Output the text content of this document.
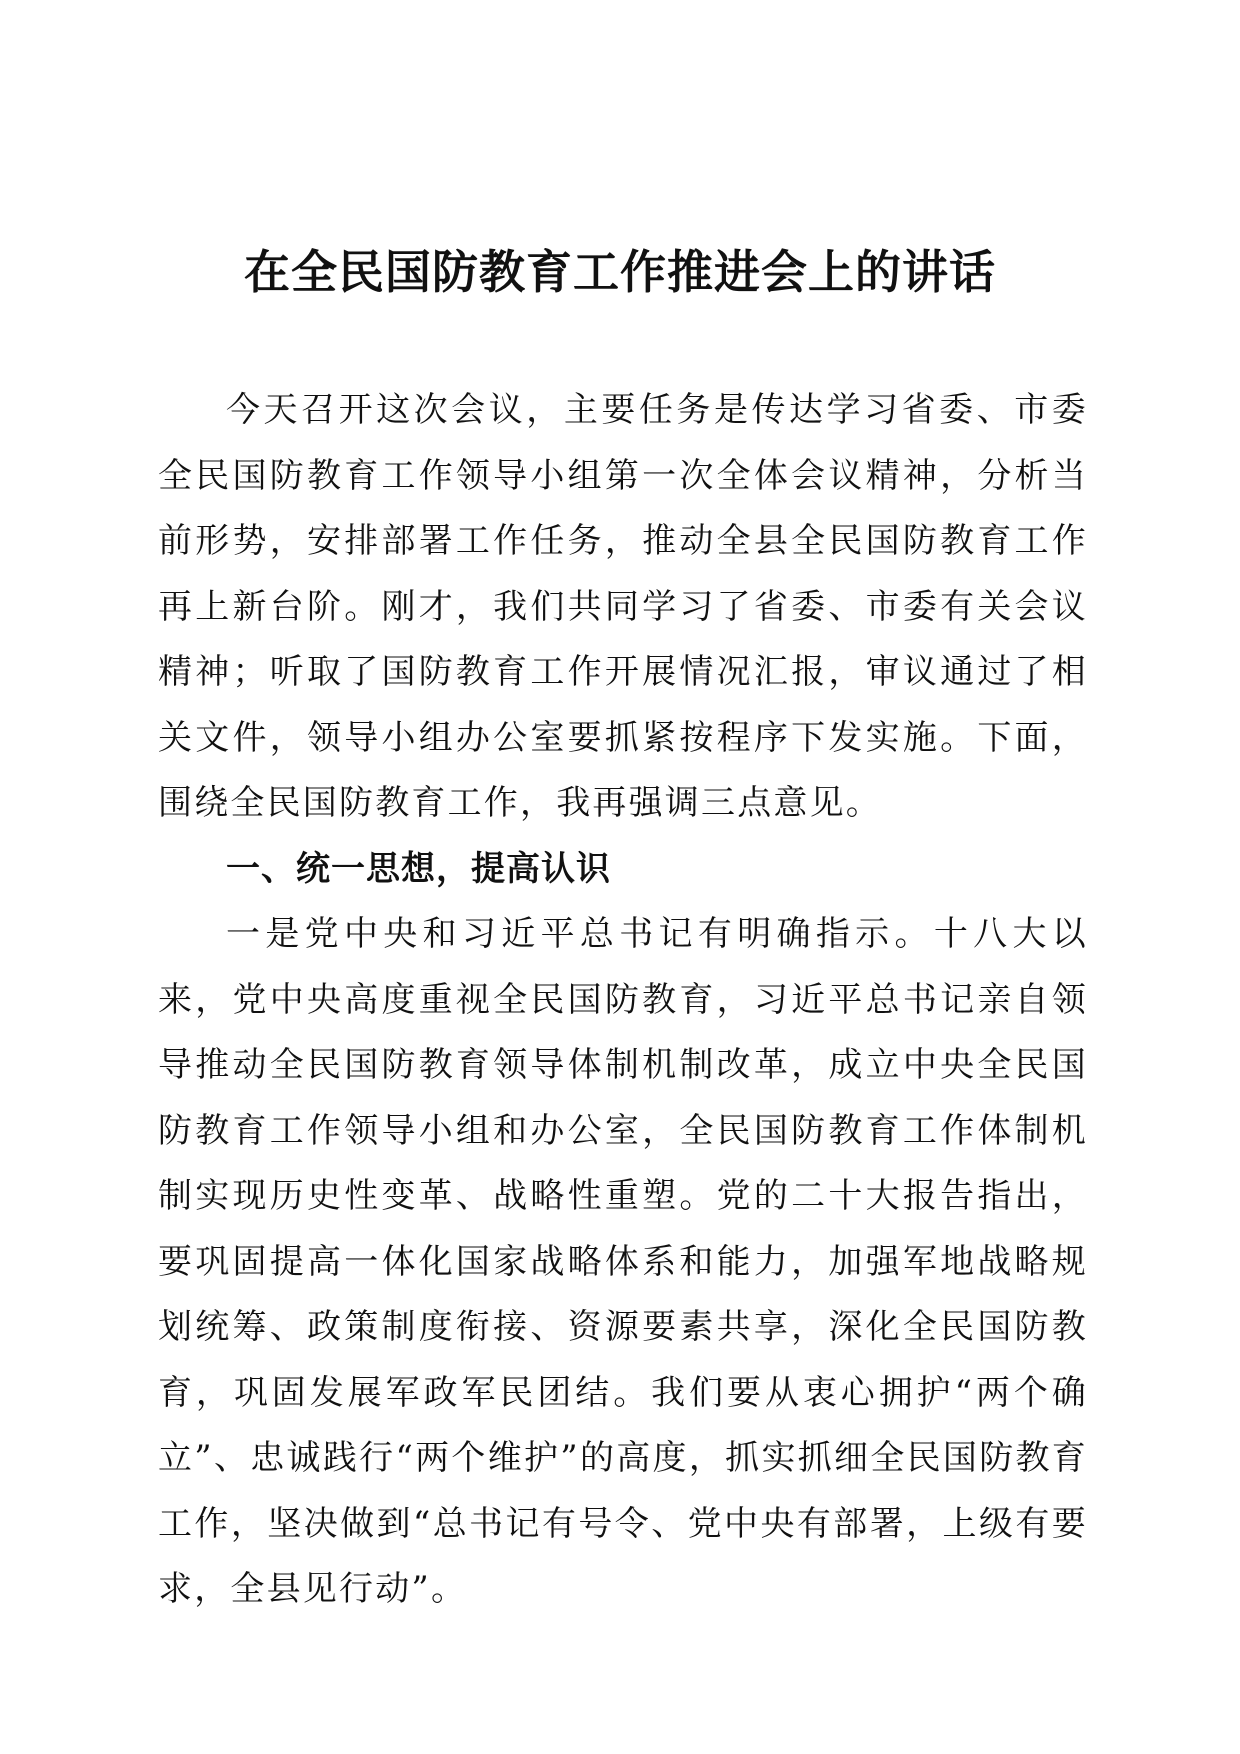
在全民国防教育工作推进会上的讲话

今天召开这次会议，主要任务是传达学习省委、市委全民国防教育工作领导小组第一次全体会议精神，分析当前形势，安排部署工作任务，推动全县全民国防教育工作再上新台阶。刚才，我们共同学习了省委、市委有关会议精神；听取了国防教育工作开展情况汇报，审议通过了相关文件，领导小组办公室要抓紧按程序下发实施。下面，围绕全民国防教育工作，我再强调三点意见。

一、统一思想，提高认识

一是党中央和习近平总书记有明确指示。十八大以来，党中央高度重视全民国防教育，习近平总书记亲自领导推动全民国防教育领导体制机制改革，成立中央全民国防教育工作领导小组和办公室，全民国防教育工作体制机制实现历史性变革、战略性重塑。党的二十大报告指出，要巩固提高一体化国家战略体系和能力，加强军地战略规划统筹、政策制度衔接、资源要素共享，深化全民国防教育，巩固发展军政军民团结。我们要从衷心拥护“两个确立”、忠诚践行“两个维护”的高度，抓实抓细全民国防教育工作，坚决做到“总书记有号令、党中央有部署，上级有要求，全县见行动”。
